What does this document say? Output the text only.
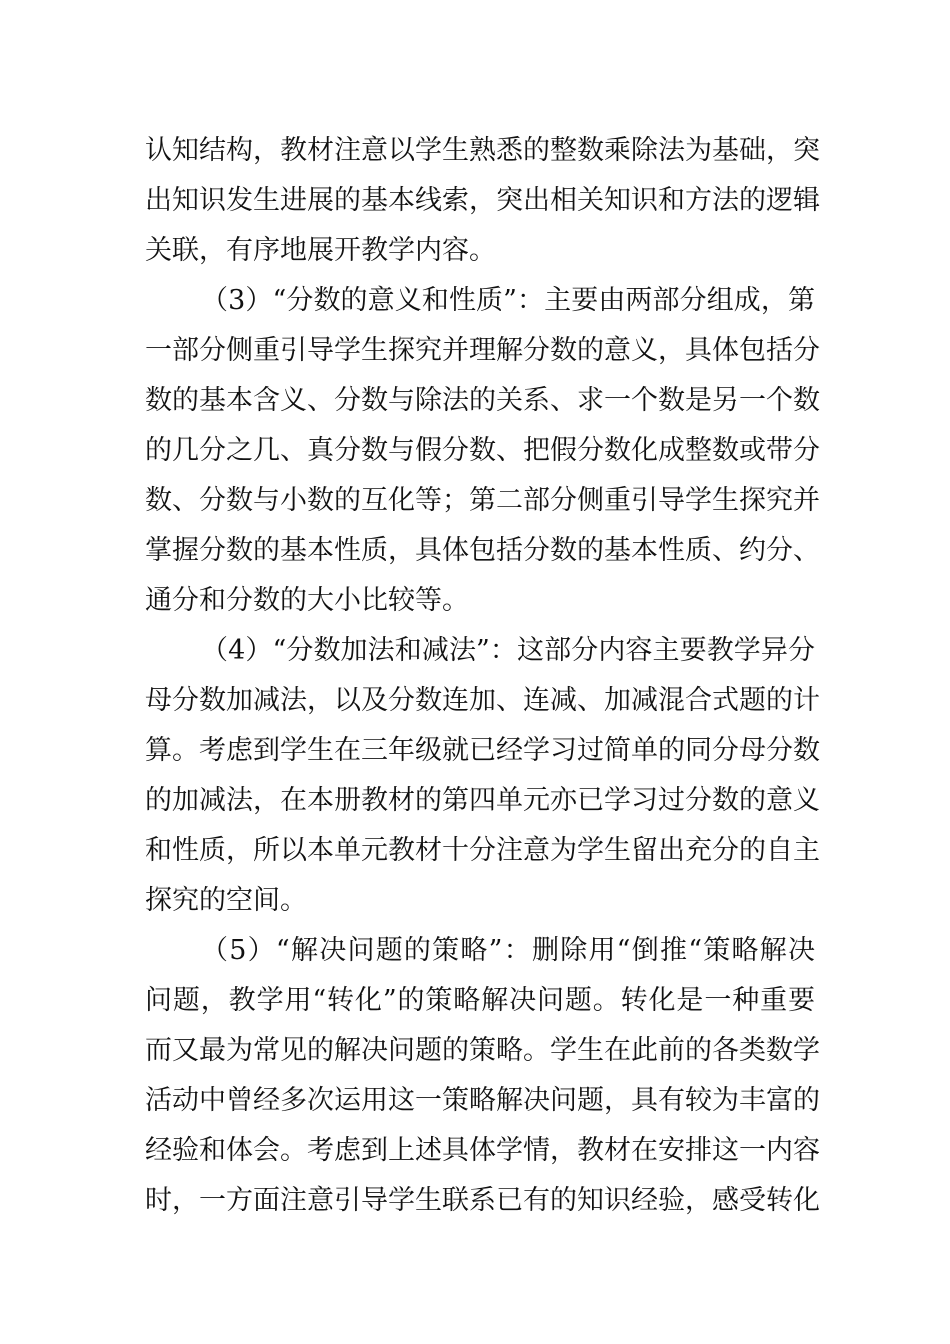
认知结构，教材注意以学生熟悉的整数乘除法为基础，突
出知识发生进展的基本线索，突出相关知识和方法的逻辑
关联，有序地展开教学内容。
（3）“分数的意义和性质”：主要由两部分组成，第
一部分侧重引导学生探究并理解分数的意义，具体包括分
数的基本含义、分数与除法的关系、求一个数是另一个数
的几分之几、真分数与假分数、把假分数化成整数或带分
数、分数与小数的互化等；第二部分侧重引导学生探究并
掌握分数的基本性质，具体包括分数的基本性质、约分、
通分和分数的大小比较等。
（4）“分数加法和减法”：这部分内容主要教学异分
母分数加减法，以及分数连加、连减、加减混合式题的计
算。考虑到学生在三年级就已经学习过简单的同分母分数
的加减法，在本册教材的第四单元亦已学习过分数的意义
和性质，所以本单元教材十分注意为学生留出充分的自主
探究的空间。
（5）“解决问题的策略”：删除用“倒推“策略解决
问题，教学用“转化”的策略解决问题。转化是一种重要
而又最为常见的解决问题的策略。学生在此前的各类数学
活动中曾经多次运用这一策略解决问题，具有较为丰富的
经验和体会。考虑到上述具体学情，教材在安排这一内容
时，一方面注意引导学生联系已有的知识经验，感受转化
